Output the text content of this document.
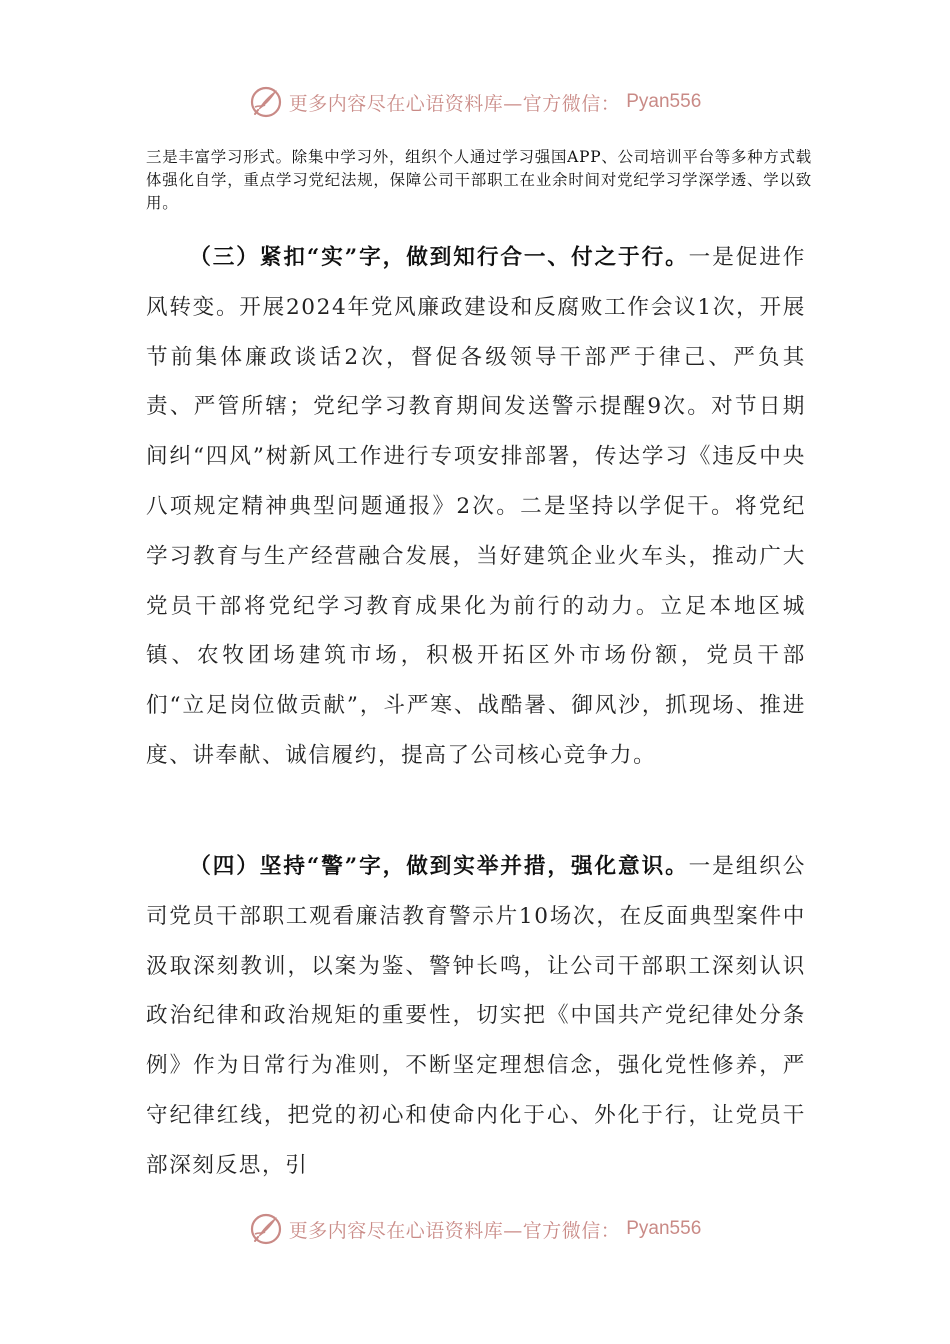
更多内容尽在心语资料库—官方微信： Pyan556
三是丰富学习形式。除集中学习外，组织个人通过学习强国APP、公司培训平台等多种方式载体强化自学，重点学习党纪法规，保障公司干部职工在业余时间对党纪学习学深学透、学以致用。
（三）紧扣“实”字，做到知行合一、付之于行。一是促进作风转变。开展2024年党风廉政建设和反腐败工作会议1次，开展节前集体廉政谈话2次，督促各级领导干部严于律己、严负其责、严管所辖；党纪学习教育期间发送警示提醒9次。对节日期间纠“四风”树新风工作进行专项安排部署，传达学习《违反中央八项规定精神典型问题通报》2次。二是坚持以学促干。将党纪学习教育与生产经营融合发展，当好建筑企业火车头，推动广大党员干部将党纪学习教育成果化为前行的动力。立足本地区城镇、农牧团场建筑市场，积极开拓区外市场份额，党员干部们“立足岗位做贡献”，斗严寒、战酷暑、御风沙，抓现场、推进度、讲奉献、诚信履约，提高了公司核心竞争力。
（四）坚持“警”字，做到实举并措，强化意识。一是组织公司党员干部职工观看廉洁教育警示片10场次，在反面典型案件中汲取深刻教训，以案为鉴、警钟长鸣，让公司干部职工深刻认识政治纪律和政治规矩的重要性，切实把《中国共产党纪律处分条例》作为日常行为准则，不断坚定理想信念，强化党性修养，严守纪律红线，把党的初心和使命内化于心、外化于行，让党员干部深刻反思，引
更多内容尽在心语资料库—官方微信： Pyan556
